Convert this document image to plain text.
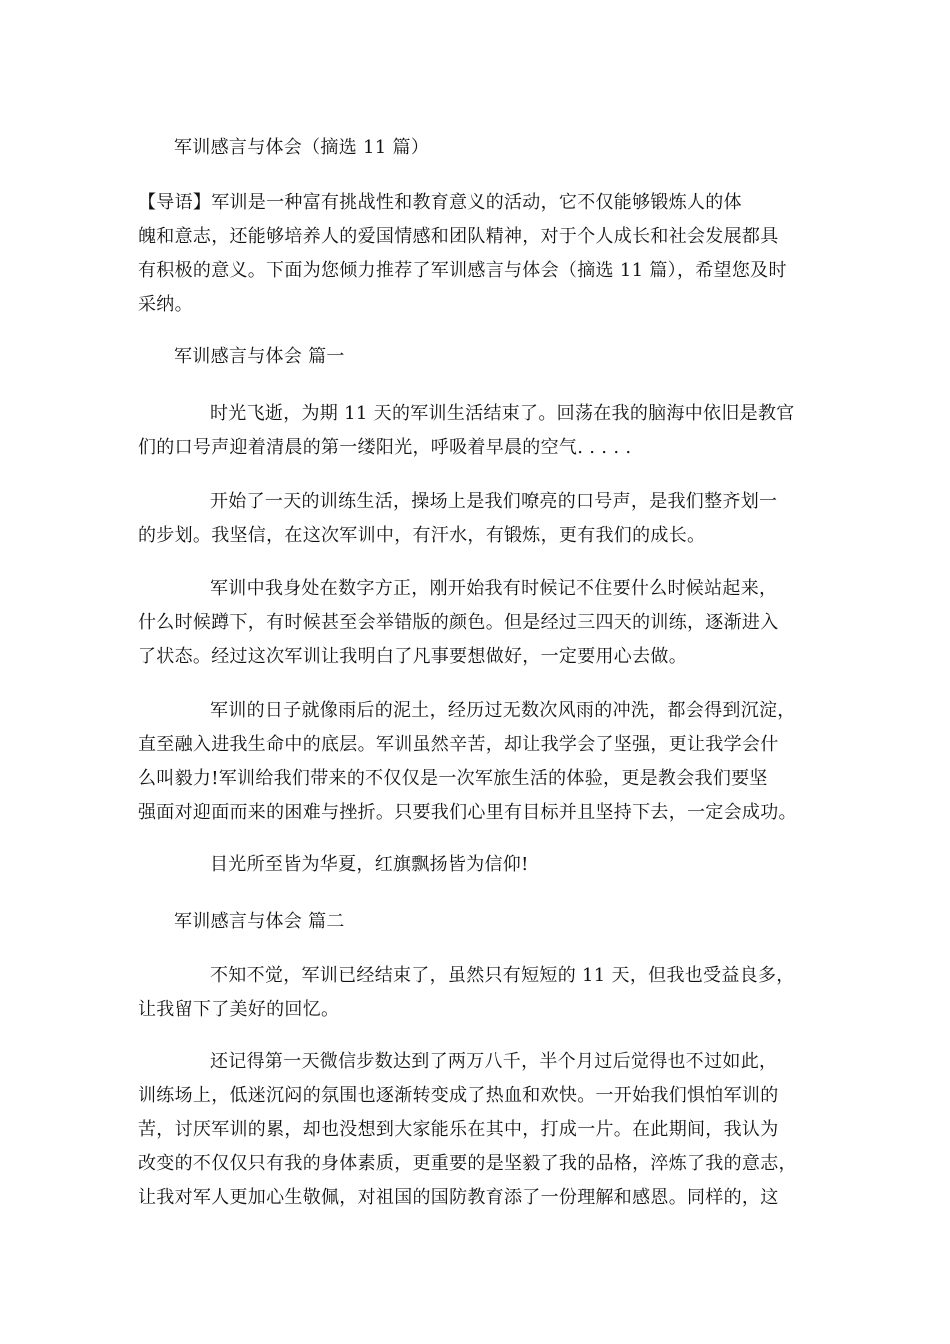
军训感言与体会（摘选 11 篇）

【导语】军训是一种富有挑战性和教育意义的活动，它不仅能够锻炼人的体
魄和意志，还能够培养人的爱国情感和团队精神，对于个人成长和社会发展都具
有积极的意义。下面为您倾力推荐了军训感言与体会（摘选 11 篇），希望您及时
采纳。

军训感言与体会 篇一

时光飞逝，为期 11 天的军训生活结束了。回荡在我的脑海中依旧是教官
们的口号声迎着清晨的第一缕阳光，呼吸着早晨的空气. . . . .
开始了一天的训练生活，操场上是我们嘹亮的口号声，是我们整齐划一
的步划。我坚信，在这次军训中，有汗水，有锻炼，更有我们的成长。
军训中我身处在数字方正，刚开始我有时候记不住要什么时候站起来，
什么时候蹲下，有时候甚至会举错版的颜色。但是经过三四天的训练，逐渐进入
了状态。经过这次军训让我明白了凡事要想做好，一定要用心去做。
军训的日子就像雨后的泥土，经历过无数次风雨的冲洗，都会得到沉淀，
直至融入进我生命中的底层。军训虽然辛苦，却让我学会了坚强，更让我学会什
么叫毅力!军训给我们带来的不仅仅是一次军旅生活的体验，更是教会我们要坚
强面对迎面而来的困难与挫折。只要我们心里有目标并且坚持下去，一定会成功。

目光所至皆为华夏，红旗飘扬皆为信仰!

军训感言与体会 篇二

不知不觉，军训已经结束了，虽然只有短短的 11 天，但我也受益良多，
让我留下了美好的回忆。
还记得第一天微信步数达到了两万八千，半个月过后觉得也不过如此，
训练场上，低迷沉闷的氛围也逐渐转变成了热血和欢快。一开始我们惧怕军训的
苦，讨厌军训的累，却也没想到大家能乐在其中，打成一片。在此期间，我认为
改变的不仅仅只有我的身体素质，更重要的是坚毅了我的品格，淬炼了我的意志，
让我对军人更加心生敬佩，对祖国的国防教育添了一份理解和感恩。同样的，这
